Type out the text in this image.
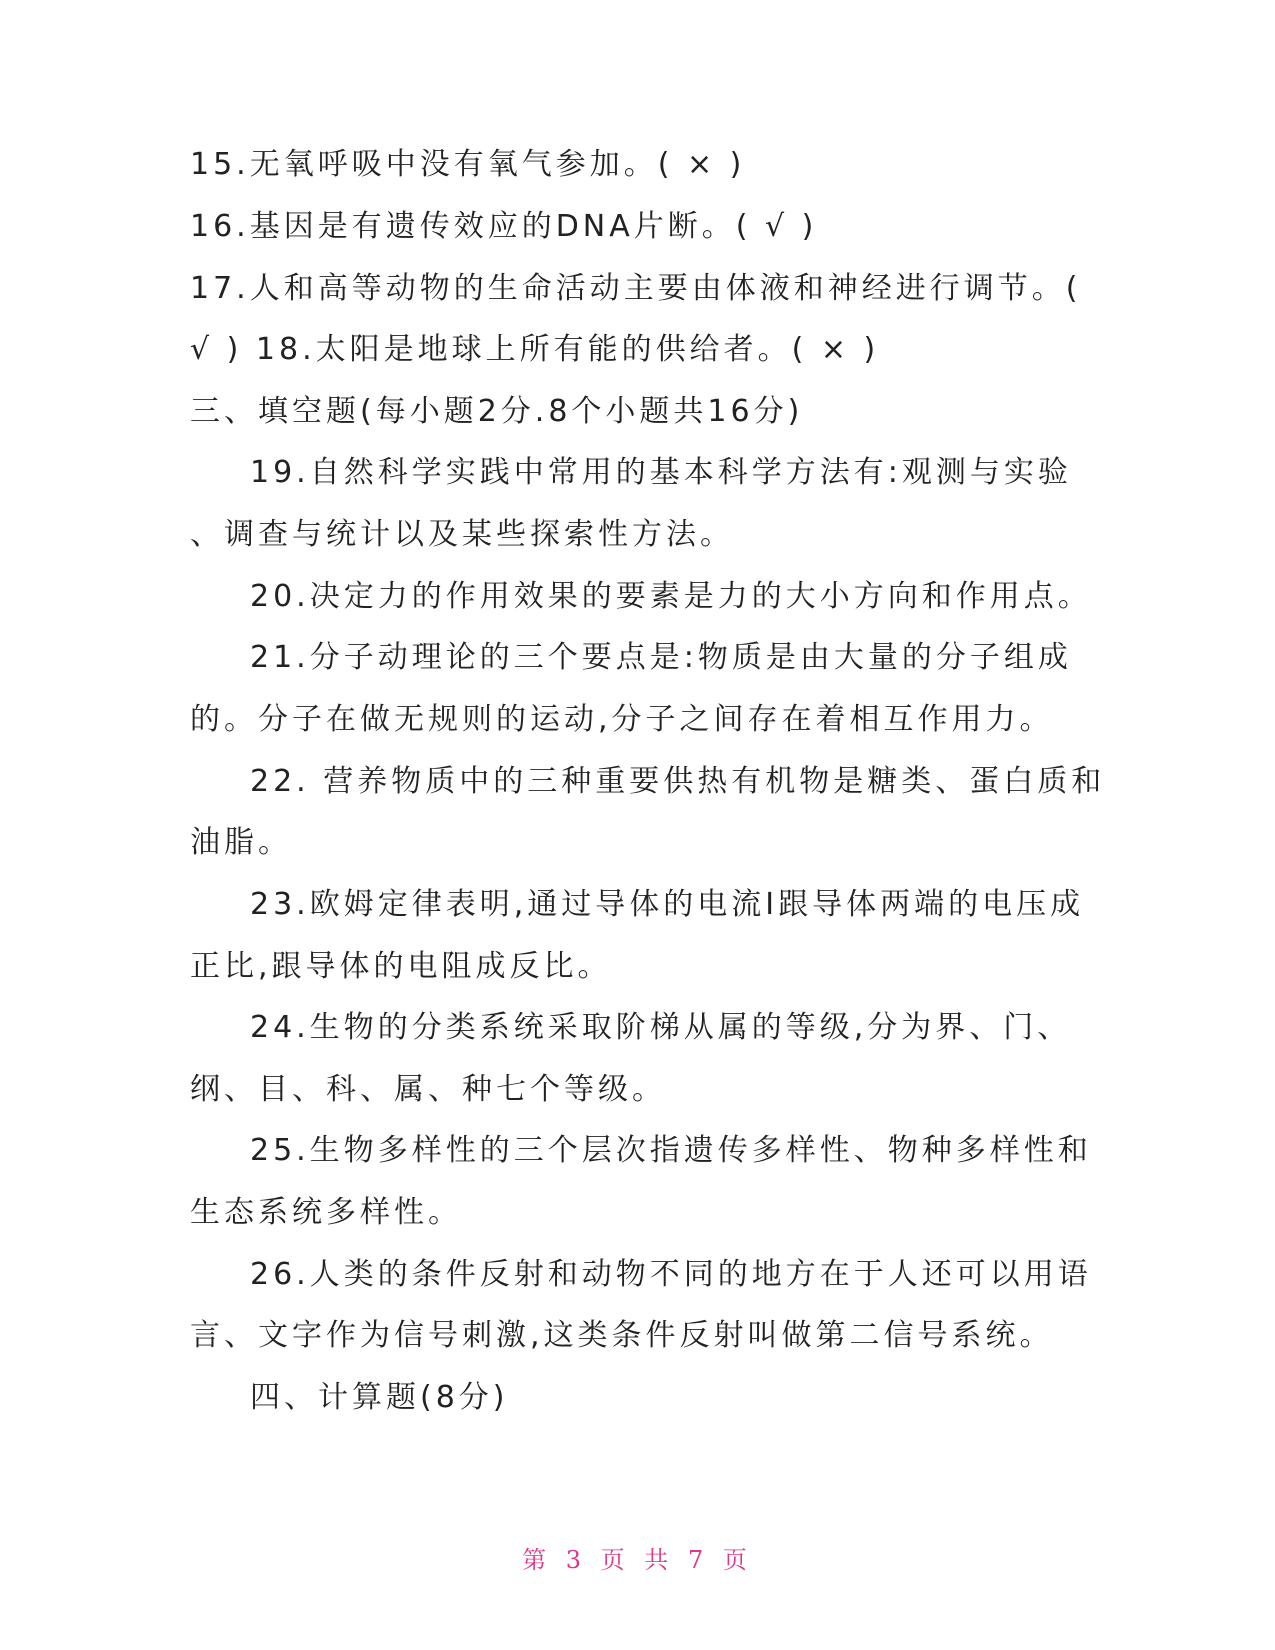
15.无氧呼吸中没有氧气参加。( × )
16.基因是有遗传效应的DNA片断。( √ )
17.人和高等动物的生命活动主要由体液和神经进行调节。(
√ ) 18.太阳是地球上所有能的供给者。( × )
三、填空题(每小题2分.8个小题共16分)
19.自然科学实践中常用的基本科学方法有:观测与实验
、调查与统计以及某些探索性方法。
20.决定力的作用效果的要素是力的大小方向和作用点。
21.分子动理论的三个要点是:物质是由大量的分子组成
的。分子在做无规则的运动,分子之间存在着相互作用力。
22. 营养物质中的三种重要供热有机物是糖类、蛋白质和
油脂。
23.欧姆定律表明,通过导体的电流I跟导体两端的电压成
正比,跟导体的电阻成反比。
24.生物的分类系统采取阶梯从属的等级,分为界、门、
纲、目、科、属、种七个等级。
25.生物多样性的三个层次指遗传多样性、物种多样性和
生态系统多样性。
26.人类的条件反射和动物不同的地方在于人还可以用语
言、文字作为信号刺激,这类条件反射叫做第二信号系统。
四、计算题(8分)
第 3 页 共 7 页
